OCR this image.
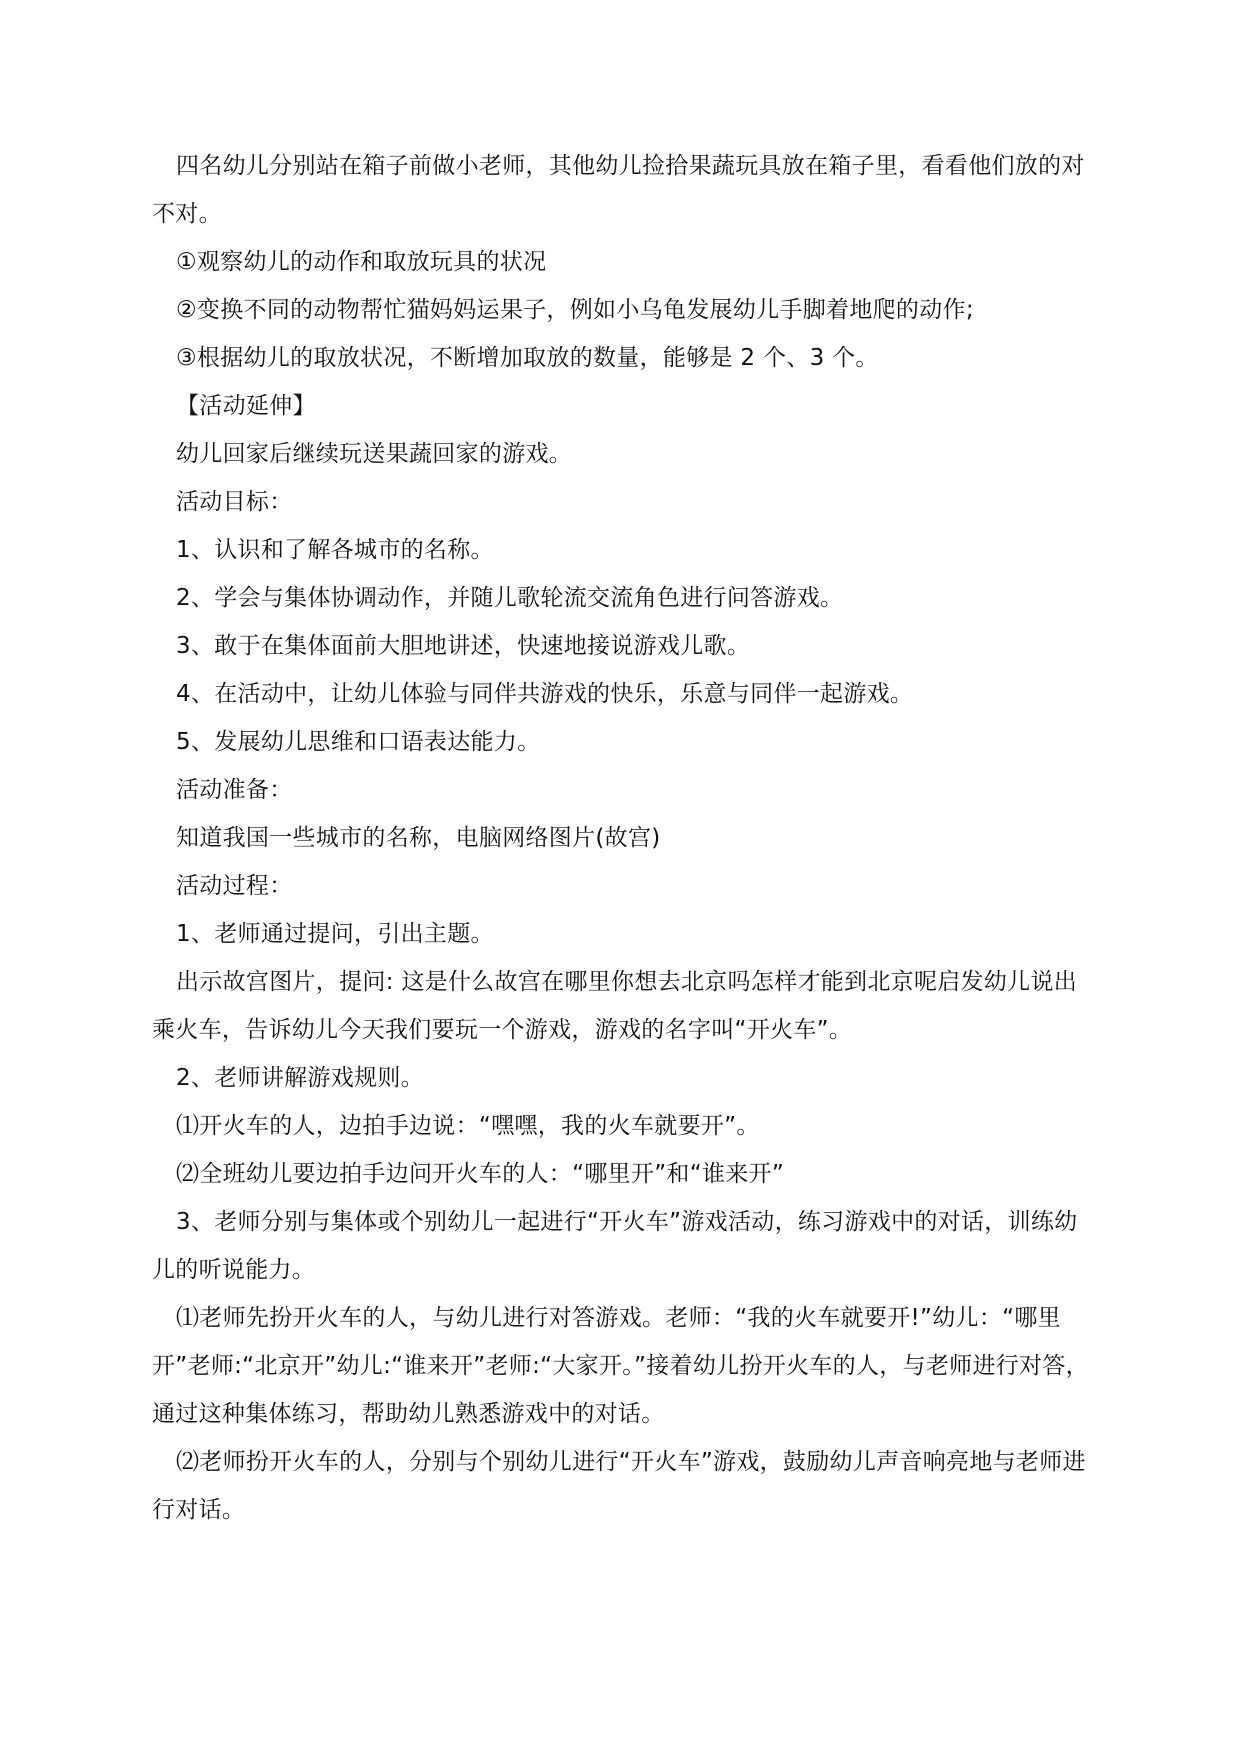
四名幼儿分别站在箱子前做小老师，其他幼儿捡拾果蔬玩具放在箱子里，看看他们放的对不对。

①观察幼儿的动作和取放玩具的状况

②变换不同的动物帮忙猫妈妈运果子，例如小乌龟发展幼儿手脚着地爬的动作;

③根据幼儿的取放状况，不断增加取放的数量，能够是 2 个、3 个。

【活动延伸】

幼儿回家后继续玩送果蔬回家的游戏。

活动目标：

1、认识和了解各城市的名称。

2、学会与集体协调动作，并随儿歌轮流交流角色进行问答游戏。

3、敢于在集体面前大胆地讲述，快速地接说游戏儿歌。

4、在活动中，让幼儿体验与同伴共游戏的快乐，乐意与同伴一起游戏。

5、发展幼儿思维和口语表达能力。

活动准备：

知道我国一些城市的名称，电脑网络图片(故宫)

活动过程：

1、老师通过提问，引出主题。

出示故宫图片，提问: 这是什么故宫在哪里你想去北京吗怎样才能到北京呢启发幼儿说出乘火车，告诉幼儿今天我们要玩一个游戏，游戏的名字叫“开火车”。

2、老师讲解游戏规则。

⑴开火车的人，边拍手边说：“嘿嘿，我的火车就要开”。

⑵全班幼儿要边拍手边问开火车的人：“哪里开”和“谁来开”

3、老师分别与集体或个别幼儿一起进行“开火车”游戏活动，练习游戏中的对话，训练幼儿的听说能力。

⑴老师先扮开火车的人，与幼儿进行对答游戏。老师：“我的火车就要开!”幼儿：“哪里开”老师:“北京开”幼儿:“谁来开”老师:“大家开。”接着幼儿扮开火车的人，与老师进行对答，通过这种集体练习，帮助幼儿熟悉游戏中的对话。

⑵老师扮开火车的人，分别与个别幼儿进行“开火车”游戏，鼓励幼儿声音响亮地与老师进行对话。
